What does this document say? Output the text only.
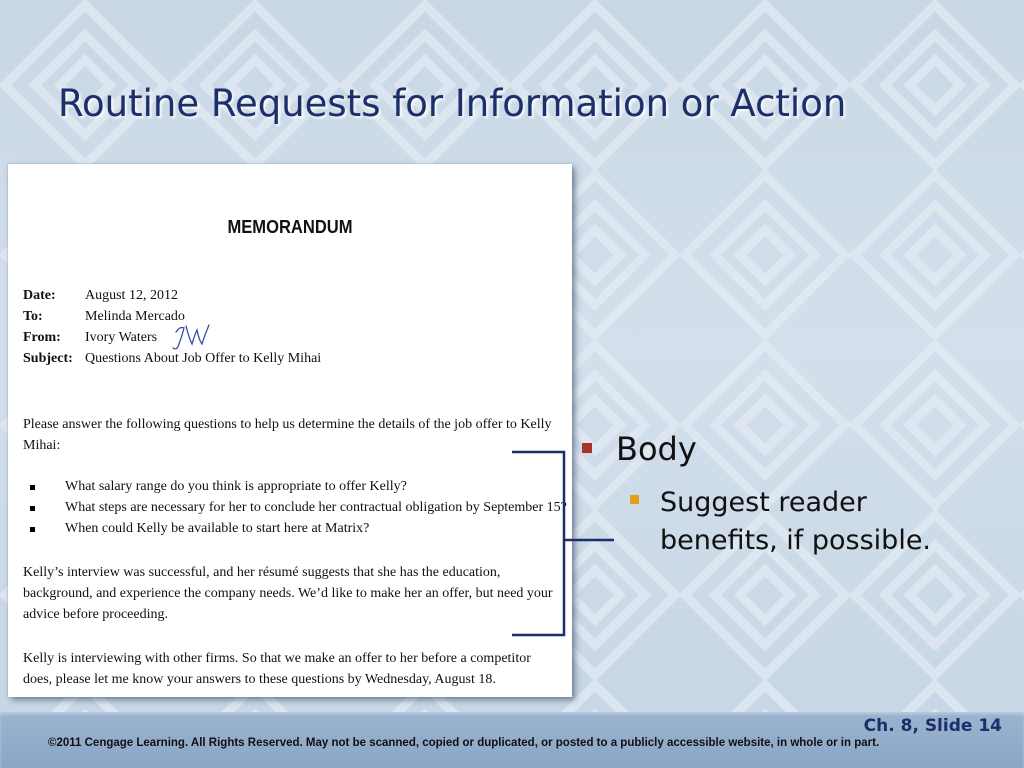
Routine Requests for Information or Action
MEMORANDUM
Date: August 12, 2012
To:	Melinda Mercado
From: Ivory Waters
Subject: Questions About Job Offer to Kelly Mihai

Please answer the following questions to help us determine the details of the job offer to Kelly Mihai:

What salary range do you think is appropriate to offer Kelly?
What steps are necessary for her to conclude her contractual obligation by September 15?
When could Kelly be available to start here at Matrix?

Kelly’s interview was successful, and her résumé suggests that she has the education, background, and experience the company needs. We’d like to make her an offer, but need your advice before proceeding.

Kelly is interviewing with other firms. So that we make an offer to her before a competitor does, please let me know your answers to these questions by Wednesday, August 18.

Body
Suggest reader benefits, if possible.
Ch. 8, Slide 14
©2011 Cengage Learning. All Rights Reserved. May not be scanned, copied or duplicated, or posted to a publicly accessible website, in whole or in part.
